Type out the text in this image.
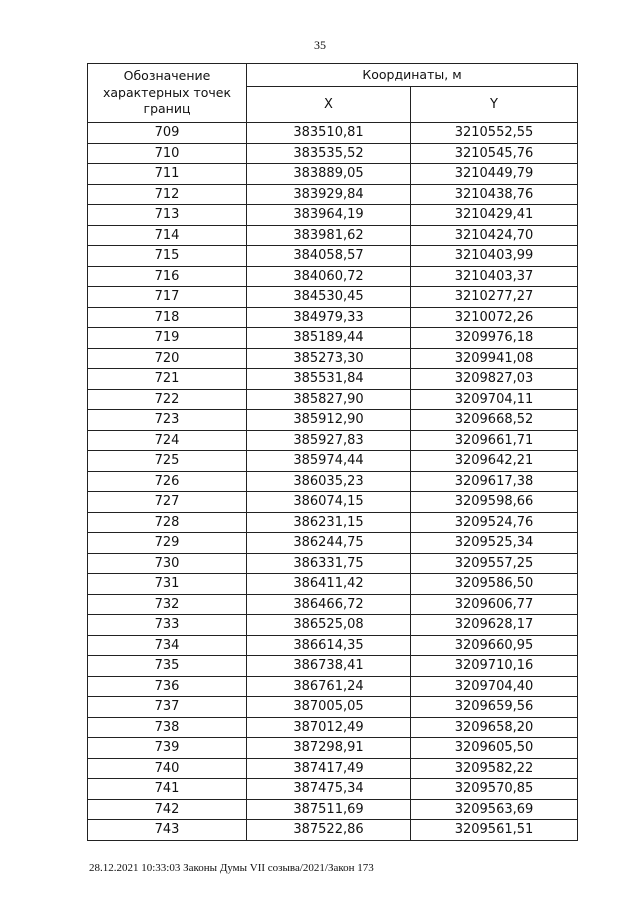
35
Обозначение характерных точек границ	Координаты, м	
	X	Y
709	383510,81	3210552,55
710	383535,52	3210545,76
711	383889,05	3210449,79
712	383929,84	3210438,76
713	383964,19	3210429,41
714	383981,62	3210424,70
715	384058,57	3210403,99
716	384060,72	3210403,37
717	384530,45	3210277,27
718	384979,33	3210072,26
719	385189,44	3209976,18
720	385273,30	3209941,08
721	385531,84	3209827,03
722	385827,90	3209704,11
723	385912,90	3209668,52
724	385927,83	3209661,71
725	385974,44	3209642,21
726	386035,23	3209617,38
727	386074,15	3209598,66
728	386231,15	3209524,76
729	386244,75	3209525,34
730	386331,75	3209557,25
731	386411,42	3209586,50
732	386466,72	3209606,77
733	386525,08	3209628,17
734	386614,35	3209660,95
735	386738,41	3209710,16
736	386761,24	3209704,40
737	387005,05	3209659,56
738	387012,49	3209658,20
739	387298,91	3209605,50
740	387417,49	3209582,22
741	387475,34	3209570,85
742	387511,69	3209563,69
743	387522,86	3209561,51
28.12.2021 10:33:03 Законы Думы VII созыва/2021/Закон 173
